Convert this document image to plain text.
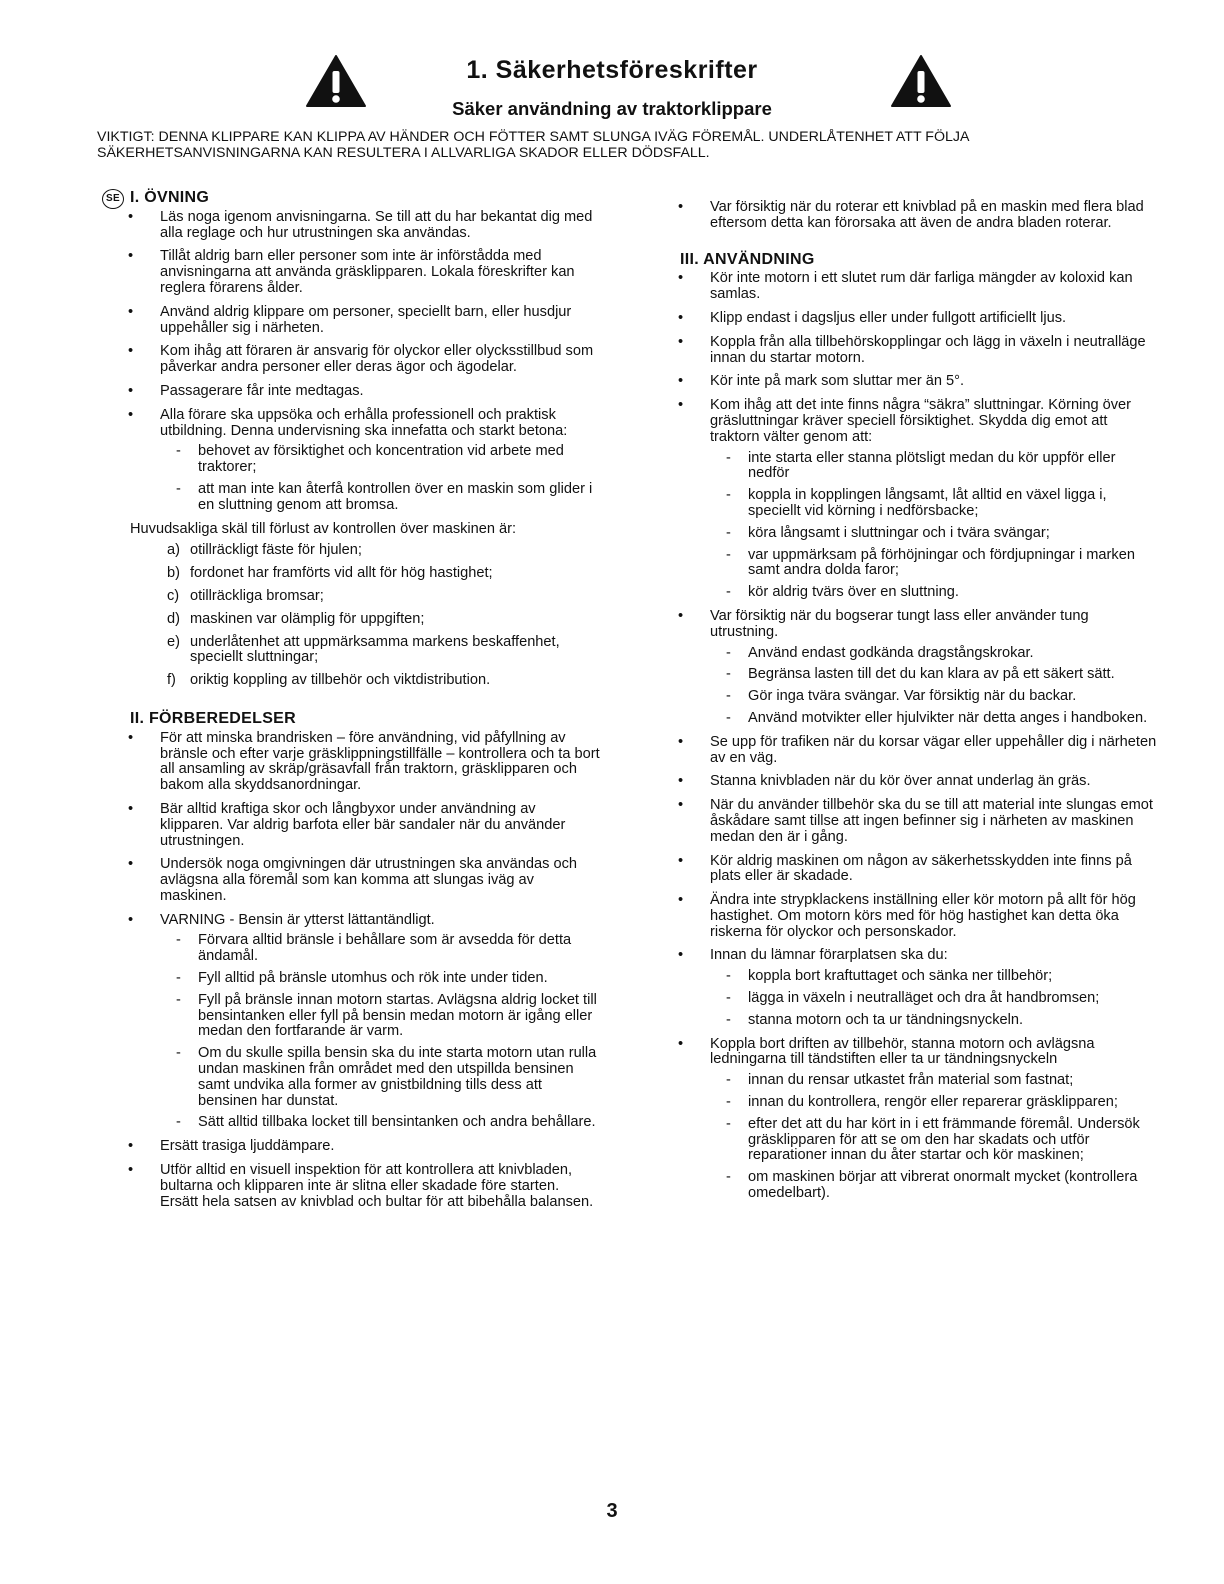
1. Säkerhetsföreskrifter
Säker användning av traktorklippare
VIKTIGT: DENNA KLIPPARE KAN KLIPPA AV HÄNDER OCH FÖTTER SAMT SLUNGA IVÄG FÖREMÅL. UNDERLÅTENHET ATT FÖLJA SÄKERHETSANVISNINGARNA KAN RESULTERA I ALLVARLIGA SKADOR ELLER DÖDSFALL.
SE I. ÖVNING
• Läs noga igenom anvisningarna. Se till att du har bekantat dig med alla reglage och hur utrustningen ska användas.
• Tillåt aldrig barn eller personer som inte är införstådda med anvisningarna att använda gräsklipparen. Lokala föreskrifter kan reglera förarens ålder.
• Använd aldrig klippare om personer, speciellt barn, eller husdjur uppehåller sig i närheten.
• Kom ihåg att föraren är ansvarig för olyckor eller olycksstillbud som påverkar andra personer eller deras ägor och ägodelar.
• Passagerare får inte medtagas.
• Alla förare ska uppsöka och erhålla professionell och praktisk utbildning. Denna undervisning ska innefatta och starkt betona:
- behovet av försiktighet och koncentration vid arbete med traktorer;
- att man inte kan återfå kontrollen över en maskin som glider i en sluttning genom att bromsa.

Huvudsakliga skäl till förlust av kontrollen över maskinen är:

a) otillräckligt fäste för hjulen;
b) fordonet har framförts vid allt för hög hastighet;
c) otillräckliga bromsar;
d) maskinen var olämplig för uppgiften;
e) underlåtenhet att uppmärksamma markens beskaffenhet, speciellt sluttningar;
f) oriktig koppling av tillbehör och viktdistribution.
II. FÖRBEREDELSER
• För att minska brandrisken – före användning, vid påfyllning av bränsle och efter varje gräsklippningstillfälle – kontrollera och ta bort all ansamling av skräp/gräsavfall från traktorn, gräsklipparen och bakom alla skyddsanordningar.
• Bär alltid kraftiga skor och långbyxor under användning av klipparen. Var aldrig barfota eller bär sandaler när du använder utrustningen.
• Undersök noga omgivningen där utrustningen ska användas och avlägsna alla föremål som kan komma att slungas iväg av maskinen.
• VARNING - Bensin är ytterst lättantändligt.
- Förvara alltid bränsle i behållare som är avsedda för detta ändamål.
- Fyll alltid på bränsle utomhus och rök inte under tiden.
- Fyll på bränsle innan motorn startas. Avlägsna aldrig locket till bensintanken eller fyll på bensin medan motorn är igång eller medan den fortfarande är varm.
- Om du skulle spilla bensin ska du inte starta motorn utan rulla undan maskinen från området med den utspillda bensinen samt undvika alla former av gnistbildning tills dess att bensinen har dunstat.
- Sätt alltid tillbaka locket till bensintanken och andra behållare.
• Ersätt trasiga ljuddämpare.
• Utför alltid en visuell inspektion för att kontrollera att knivbladen, bultarna och klipparen inte är slitna eller skadade före starten. Ersätt hela satsen av knivblad och bultar för att bibehålla balansen.
• Var försiktig när du roterar ett knivblad på en maskin med flera blad eftersom detta kan förorsaka att även de andra bladen roterar.
III. ANVÄNDNING
• Kör inte motorn i ett slutet rum där farliga mängder av koloxid kan samlas.
• Klipp endast i dagsljus eller under fullgott artificiellt ljus.
• Koppla från alla tillbehörskopplingar och lägg in växeln i neutralläge innan du startar motorn.
• Kör inte på mark som sluttar mer än 5°.
• Kom ihåg att det inte finns några “säkra” sluttningar. Körning över gräsluttningar kräver speciell försiktighet. Skydda dig emot att traktorn välter genom att:
- inte starta eller stanna plötsligt medan du kör uppför eller nedför
- koppla in kopplingen långsamt, låt alltid en växel ligga i, speciellt vid körning i nedförsbacke;
- köra långsamt i sluttningar och i tvära svängar;
- var uppmärksam på förhöjningar och fördjupningar i marken samt andra dolda faror;
- kör aldrig tvärs över en sluttning.
• Var försiktig när du bogserar tungt lass eller använder tung utrustning.
- Använd endast godkända dragstångskrokar.
- Begränsa lasten till det du kan klara av på ett säkert sätt.
- Gör inga tvära svängar. Var försiktig när du backar.
- Använd motvikter eller hjulvikter när detta anges i handboken.
• Se upp för trafiken när du korsar vägar eller uppehåller dig i närheten av en väg.
• Stanna knivbladen när du kör över annat underlag än gräs.
• När du använder tillbehör ska du se till att material inte slungas emot åskådare samt tillse att ingen befinner sig i närheten av maskinen medan den är i gång.
• Kör aldrig maskinen om någon av säkerhetsskydden inte finns på plats eller är skadade.
• Ändra inte strypklackens inställning eller kör motorn på allt för hög hastighet. Om motorn körs med för hög hastighet kan detta öka riskerna för olyckor och personskador.
• Innan du lämnar förarplatsen ska du:
- koppla bort kraftuttaget och sänka ner tillbehör;
- lägga in växeln i neutralläget och dra åt handbromsen;
- stanna motorn och ta ur tändningsnyckeln.
• Koppla bort driften av tillbehör, stanna motorn och avlägsna ledningarna till tändstiften eller ta ur tändningsnyckeln
- innan du rensar utkastet från material som fastnat;
- innan du kontrollera, rengör eller reparerar gräsklipparen;
- efter det att du har kört in i ett främmande föremål. Undersök gräsklipparen för att se om den har skadats och utför reparationer innan du åter startar och kör maskinen;
- om maskinen börjar att vibrerat onormalt mycket (kontrollera omedelbart).
3
